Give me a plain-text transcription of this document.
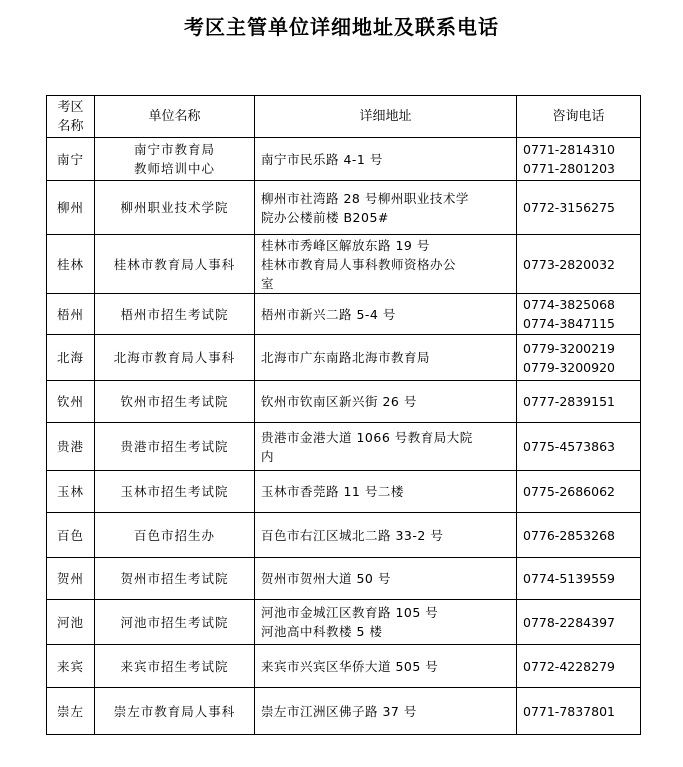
考区主管单位详细地址及联系电话
考区
名称	单位名称	详细地址	咨询电话
南宁	南宁市教育局
教师培训中心	南宁市民乐路 4-1 号	0771-2814310
0771-2801203

柳州	柳州职业技术学院	柳州市社湾路 28 号柳州职业技术学
院办公楼前楼 B205#	0772-3156275

桂林	桂林市教育局人事科	桂林市秀峰区解放东路 19 号
桂林市教育局人事科教师资格办公
室	0773-2820032

梧州	梧州市招生考试院	梧州市新兴二路 5-4 号	0774-3825068
0774-3847115

北海	北海市教育局人事科	北海市广东南路北海市教育局	0779-3200219
0779-3200920

钦州	钦州市招生考试院	钦州市钦南区新兴街 26 号	0777-2839151

贵港	贵港市招生考试院	贵港市金港大道 1066 号教育局大院
内	0775-4573863

玉林	玉林市招生考试院	玉林市香莞路 11 号二楼	0775-2686062

百色	百色市招生办	百色市右江区城北二路 33-2 号	0776-2853268

贺州	贺州市招生考试院	贺州市贺州大道 50 号	0774-5139559

河池	河池市招生考试院	河池市金城江区教育路 105 号
河池高中科教楼 5 楼	0778-2284397

来宾	来宾市招生考试院	来宾市兴宾区华侨大道 505 号	0772-4228279

崇左	崇左市教育局人事科	崇左市江洲区佛子路 37 号	0771-7837801
